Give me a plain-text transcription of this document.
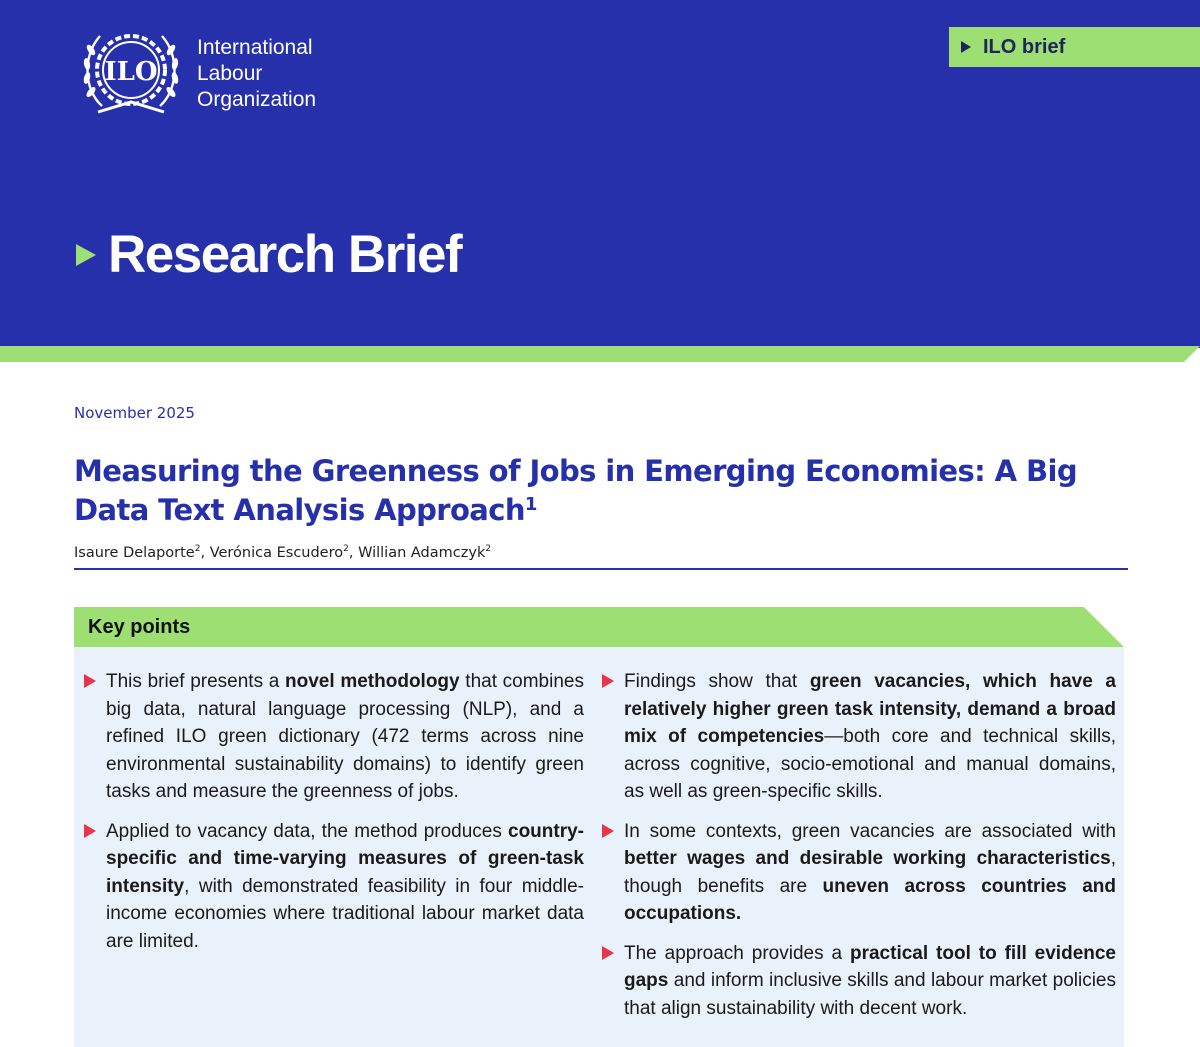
ILO
International
Labour
Organization
ILO brief
Research Brief
November 2025
Measuring the Greenness of Jobs in Emerging Economies: A Big Data Text Analysis Approach$^1$
Isaure Delaporte$^2$, Verónica Escudero$^2$, Willian Adamczyk$^2$
Key points

This brief presents a novel methodology that combines big data, natural language processing (NLP), and a refined ILO green dictionary (472 terms across nine environmental sustainability domains) to identify green tasks and measure the greenness of jobs.

Applied to vacancy data, the method produces country-specific and time-varying measures of green-task intensity, with demonstrated feasibility in four middle-income economies where traditional labour market data are limited.

Findings show that green vacancies, which have a relatively higher green task intensity, demand a broad mix of competencies—both core and technical skills, across cognitive, socio-emotional and manual domains, as well as green-specific skills.

In some contexts, green vacancies are associated with better wages and desirable working characteristics, though benefits are uneven across countries and occupations.

The approach provides a practical tool to fill evidence gaps and inform inclusive skills and labour market policies that align sustainability with decent work.
